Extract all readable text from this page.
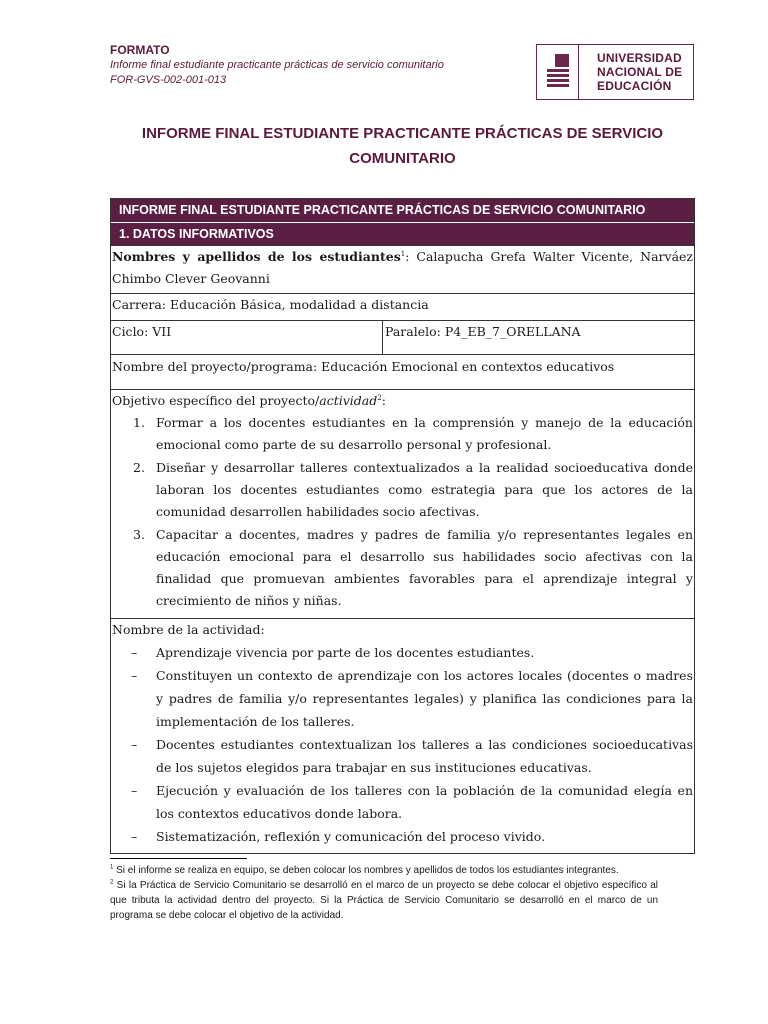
FORMATO
Informe final estudiante practicante prácticas de servicio comunitario
FOR-GVS-002-001-013
UNIVERSIDAD
NACIONAL DE
EDUCACIÓN
INFORME FINAL ESTUDIANTE PRACTICANTE PRÁCTICAS DE SERVICIO COMUNITARIO
INFORME FINAL ESTUDIANTE PRACTICANTE PRÁCTICAS DE SERVICIO COMUNITARIO
1. DATOS INFORMATIVOS
Nombres y apellidos de los estudiantes$^1$: Calapucha Grefa Walter Vicente, Narváez Chimbo Clever Geovanni
Carrera: Educación Básica, modalidad a distancia
Ciclo: VII	Paralelo: P4_EB_7_ORELLANA
Nombre del proyecto/programa: Educación Emocional en contextos educativos
Objetivo específico del proyecto/actividad$^2$:
1. Formar a los docentes estudiantes en la comprensión y manejo de la educación emocional como parte de su desarrollo personal y profesional.
2. Diseñar y desarrollar talleres contextualizados a la realidad socioeducativa donde laboran los docentes estudiantes como estrategia para que los actores de la comunidad desarrollen habilidades socio afectivas.
3. Capacitar a docentes, madres y padres de familia y/o representantes legales en educación emocional para el desarrollo sus habilidades socio afectivas con la finalidad que promuevan ambientes favorables para el aprendizaje integral y crecimiento de niños y niñas.
Nombre de la actividad:
– Aprendizaje vivencia por parte de los docentes estudiantes.
– Constituyen un contexto de aprendizaje con los actores locales (docentes o madres y padres de familia y/o representantes legales) y planifica las condiciones para la implementación de los talleres.
– Docentes estudiantes contextualizan los talleres a las condiciones socioeducativas de los sujetos elegidos para trabajar en sus instituciones educativas.
– Ejecución y evaluación de los talleres con la población de la comunidad elegía en los contextos educativos donde labora.
– Sistematización, reflexión y comunicación del proceso vivido.

$^1$ Si el informe se realiza en equipo, se deben colocar los nombres y apellidos de todos los estudiantes integrantes.

$^2$ Si la Práctica de Servicio Comunitario se desarrolló en el marco de un proyecto se debe colocar el objetivo específico al que tributa la actividad dentro del proyecto. Si la Práctica de Servicio Comunitario se desarrolló en el marco de un programa se debe colocar el objetivo de la actividad.
